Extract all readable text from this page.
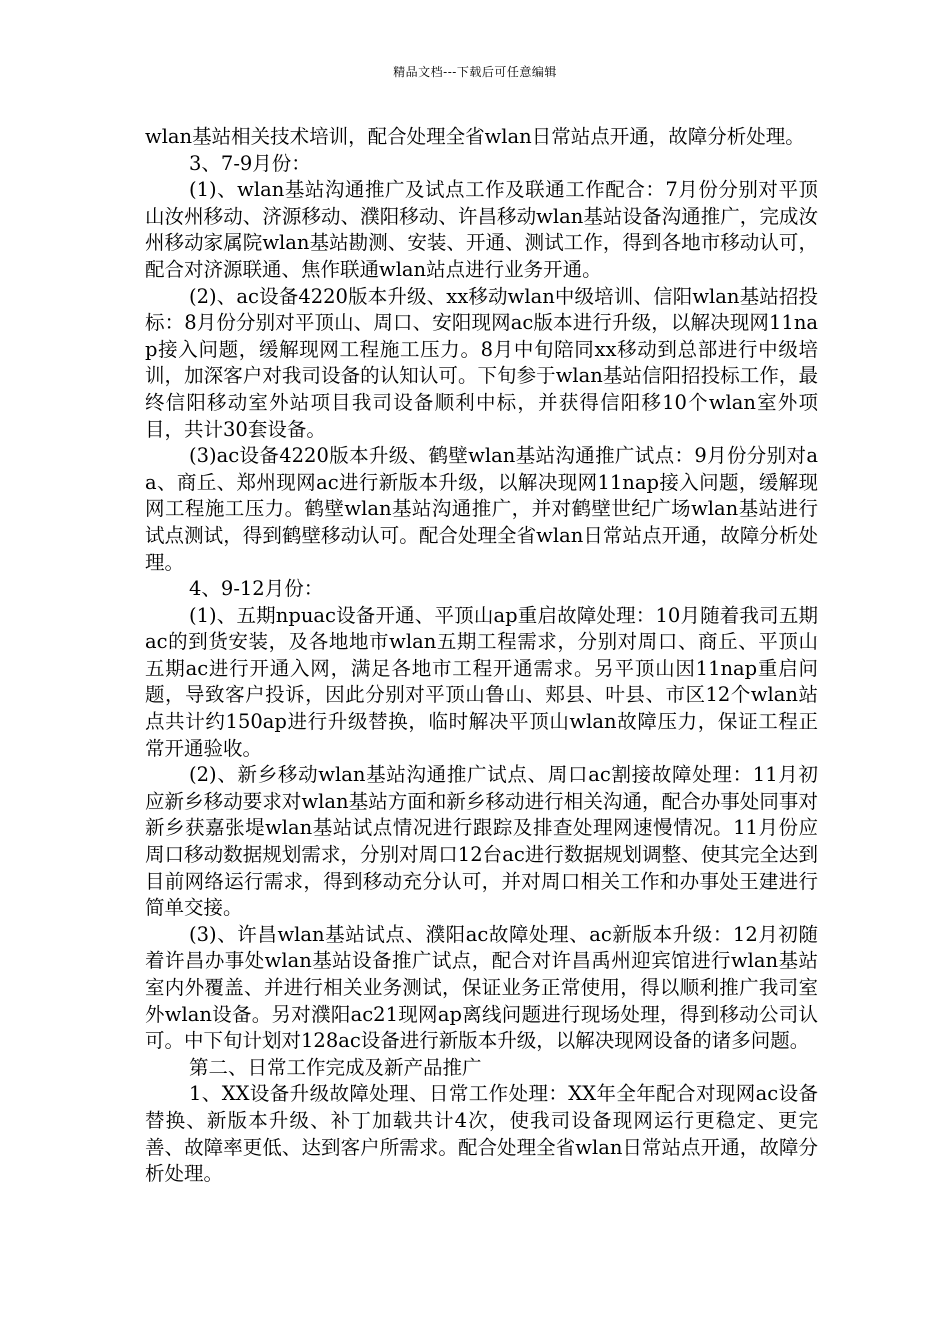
精品文档---下载后可任意编辑

wlan基站相关技术培训，配合处理全省wlan日常站点开通，故障分析处理。

3、7-9月份：

(1)、wlan基站沟通推广及试点工作及联通工作配合：7月份分别对平顶山汝州移动、济源移动、濮阳移动、许昌移动wlan基站设备沟通推广，完成汝州移动家属院wlan基站勘测、安装、开通、测试工作，得到各地市移动认可，配合对济源联通、焦作联通wlan站点进行业务开通。

(2)、ac设备4220版本升级、xx移动wlan中级培训、信阳wlan基站招投标：8月份分别对平顶山、周口、安阳现网ac版本进行升级，以解决现网11nap接入问题，缓解现网工程施工压力。8月中旬陪同xx移动到总部进行中级培训，加深客户对我司设备的认知认可。下旬参于wlan基站信阳招投标工作，最终信阳移动室外站项目我司设备顺利中标，并获得信阳移10个wlan室外项目，共计30套设备。

(3)ac设备4220版本升级、鹤壁wlan基站沟通推广试点：9月份分别对aa、商丘、郑州现网ac进行新版本升级，以解决现网11nap接入问题，缓解现网工程施工压力。鹤壁wlan基站沟通推广，并对鹤壁世纪广场wlan基站进行试点测试，得到鹤壁移动认可。配合处理全省wlan日常站点开通，故障分析处理。

4、9-12月份：

(1)、五期npuac设备开通、平顶山ap重启故障处理：10月随着我司五期ac的到货安装，及各地地市wlan五期工程需求，分别对周口、商丘、平顶山五期ac进行开通入网，满足各地市工程开通需求。另平顶山因11nap重启问题，导致客户投诉，因此分别对平顶山鲁山、郏县、叶县、市区12个wlan站点共计约150ap进行升级替换，临时解决平顶山wlan故障压力，保证工程正常开通验收。

(2)、新乡移动wlan基站沟通推广试点、周口ac割接故障处理：11月初应新乡移动要求对wlan基站方面和新乡移动进行相关沟通，配合办事处同事对新乡获嘉张堤wlan基站试点情况进行跟踪及排查处理网速慢情况。11月份应周口移动数据规划需求，分别对周口12台ac进行数据规划调整、使其完全达到目前网络运行需求，得到移动充分认可，并对周口相关工作和办事处王建进行简单交接。

(3)、许昌wlan基站试点、濮阳ac故障处理、ac新版本升级：12月初随着许昌办事处wlan基站设备推广试点，配合对许昌禹州迎宾馆进行wlan基站室内外覆盖、并进行相关业务测试，保证业务正常使用，得以顺利推广我司室外wlan设备。另对濮阳ac21现网ap离线问题进行现场处理，得到移动公司认可。中下旬计划对128ac设备进行新版本升级，以解决现网设备的诸多问题。

第二、日常工作完成及新产品推广

1、XX设备升级故障处理、日常工作处理：XX年全年配合对现网ac设备替换、新版本升级、补丁加载共计4次，使我司设备现网运行更稳定、更完善、故障率更低、达到客户所需求。配合处理全省wlan日常站点开通，故障分析处理。
